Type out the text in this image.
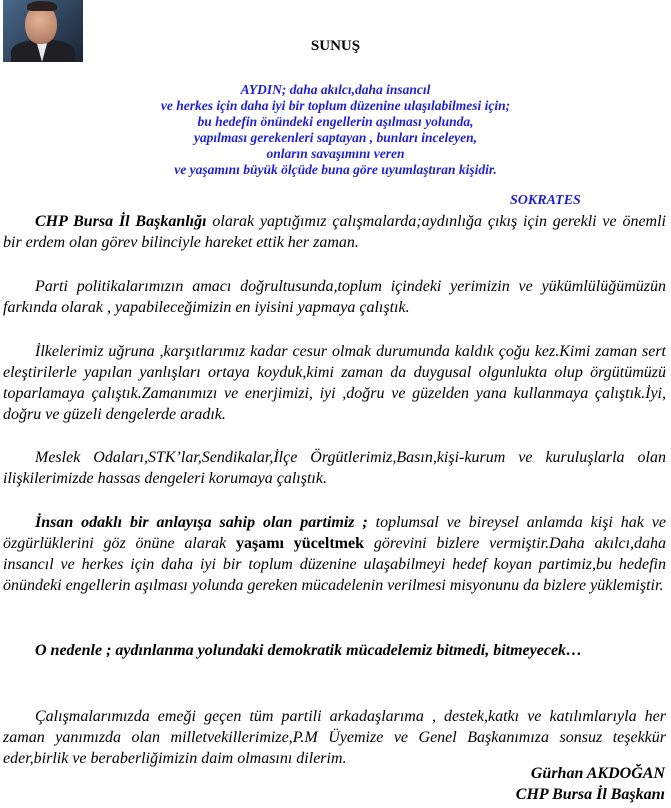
SUNUŞ
AYDIN; daha akılcı,daha insancıl
ve herkes için daha iyi bir toplum düzenine ulaşılabilmesi için;
bu hedefin önündeki engellerin aşılması yolunda,
yapılması gerekenleri saptayan , bunları inceleyen,
onların savaşımını veren
ve yaşamını büyük ölçüde buna göre uyumlaştıran kişidir.
SOKRATES
CHP Bursa İl Başkanlığı olarak yaptığımız çalışmalarda;aydınlığa çıkış için gerekli ve önemli bir erdem olan görev bilinciyle hareket ettik her zaman.
Parti politikalarımızın amacı doğrultusunda,toplum içindeki yerimizin ve yükümlülüğümüzün farkında olarak , yapabileceğimizin en iyisini yapmaya çalıştık.
İlkelerimiz uğruna ,karşıtlarımız kadar cesur olmak durumunda kaldık çoğu kez.Kimi zaman sert eleştirilerle yapılan yanlışları ortaya koyduk,kimi zaman da duygusal olgunlukta olup örgütümüzü toparlamaya çalıştık.Zamanımızı ve enerjimizi, iyi ,doğru ve güzelden yana kullanmaya çalıştık.İyi, doğru ve güzeli dengelerde aradık.
Meslek Odaları,STK’lar,Sendikalar,İlçe Örgütlerimiz,Basın,kişi-kurum ve kuruluşlarla olan ilişkilerimizde hassas dengeleri korumaya çalıştık.
İnsan odaklı bir anlayışa sahip olan partimiz ; toplumsal ve bireysel anlamda kişi hak ve özgürlüklerini göz önüne alarak yaşamı yüceltmek görevini bizlere vermiştir.Daha akılcı,daha insancıl ve herkes için daha iyi bir toplum düzenine ulaşabilmeyi hedef koyan partimiz,bu hedefin önündeki engellerin aşılması yolunda gereken mücadelenin verilmesi misyonunu da bizlere yüklemiştir.
O nedenle ; aydınlanma yolundaki demokratik mücadelemiz bitmedi, bitmeyecek…
Çalışmalarımızda emeği geçen tüm partili arkadaşlarıma , destek,katkı ve katılımlarıyla her zaman yanımızda olan milletvekillerimize,P.M Üyemize ve Genel Başkanımıza sonsuz teşekkür eder,birlik ve beraberliğimizin daim olmasını dilerim.
Gürhan AKDOĞAN
CHP Bursa İl Başkanı
